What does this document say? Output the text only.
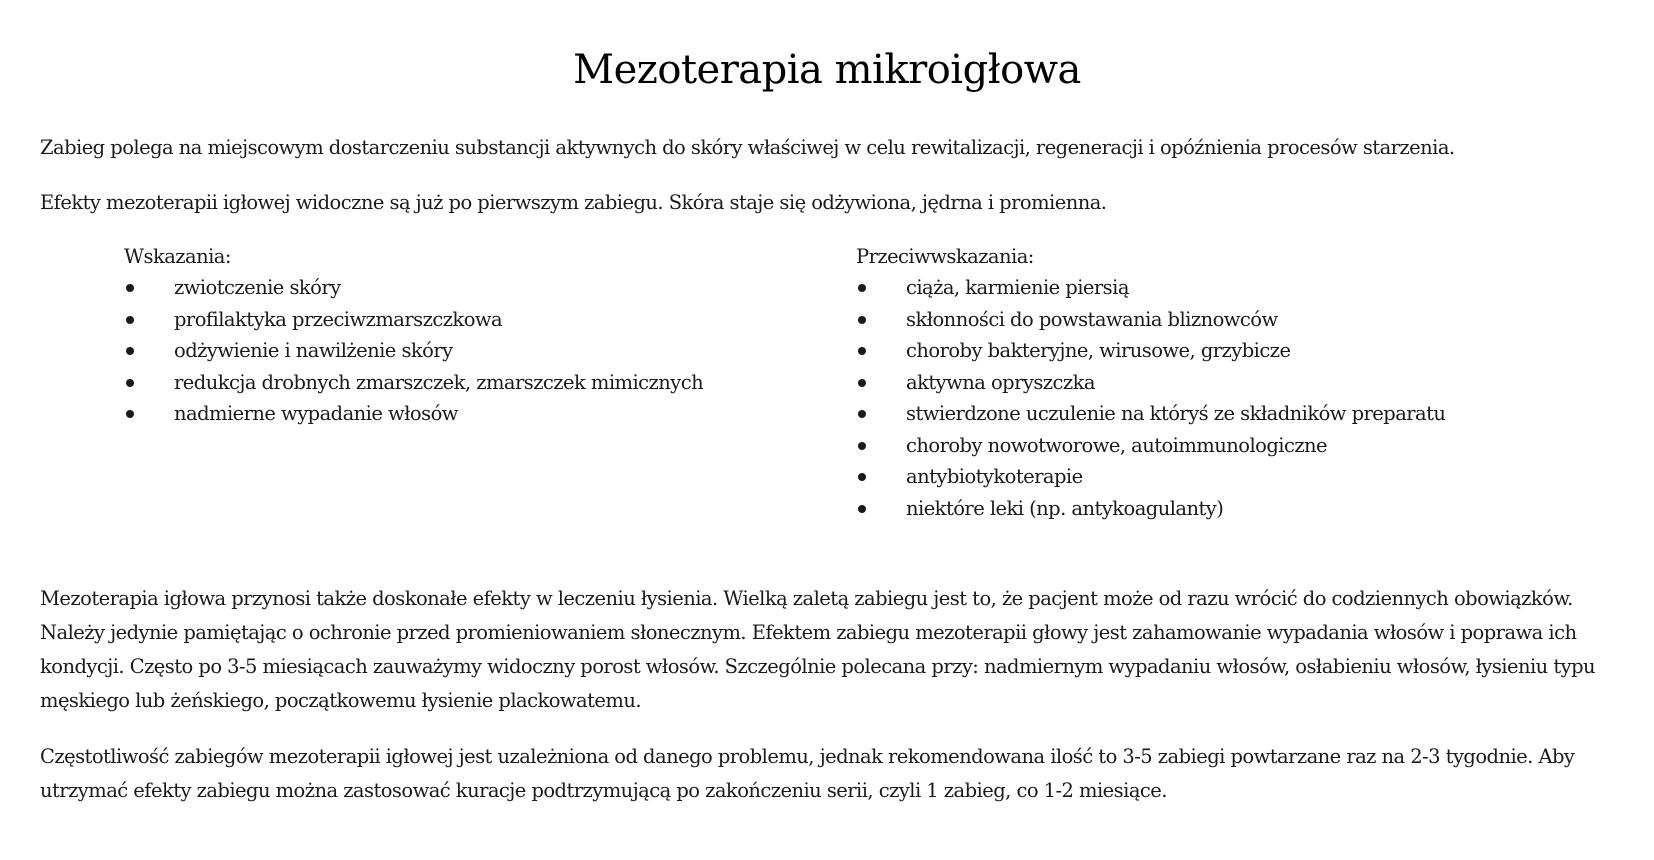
Mezoterapia mikroigłowa

Zabieg polega na miejscowym dostarczeniu substancji aktywnych do skóry właściwej w celu rewitalizacji, regeneracji i opóźnienia procesów starzenia.

Efekty mezoterapii igłowej widoczne są już po pierwszym zabiegu. Skóra staje się odżywiona, jędrna i promienna.

Wskazania:
zwiotczenie skóry
profilaktyka przeciwzmarszczkowa
odżywienie i nawilżenie skóry
redukcja drobnych zmarszczek, zmarszczek mimicznych
nadmierne wypadanie włosów
Przeciwwskazania:
ciąża, karmienie piersią
skłonności do powstawania bliznowców
choroby bakteryjne, wirusowe, grzybicze
aktywna opryszczka
stwierdzone uczulenie na któryś ze składników preparatu
choroby nowotworowe, autoimmunologiczne
antybiotykoterapie
niektóre leki (np. antykoagulanty)

Mezoterapia igłowa przynosi także doskonałe efekty w leczeniu łysienia. Wielką zaletą zabiegu jest to, że pacjent może od razu wrócić do codziennych obowiązków. Należy jedynie pamiętając o ochronie przed promieniowaniem słonecznym. Efektem zabiegu mezoterapii głowy jest zahamowanie wypadania włosów i poprawa ich kondycji. Często po 3-5 miesiącach zauważymy widoczny porost włosów. Szczególnie polecana przy: nadmiernym wypadaniu włosów, osłabieniu włosów, łysieniu typu męskiego lub żeńskiego, początkowemu łysienie plackowatemu.

Częstotliwość zabiegów mezoterapii igłowej jest uzależniona od danego problemu, jednak rekomendowana ilość to 3-5 zabiegi powtarzane raz na 2-3 tygodnie. Aby utrzymać efekty zabiegu można zastosować kuracje podtrzymującą po zakończeniu serii, czyli 1 zabieg, co 1-2 miesiące.
